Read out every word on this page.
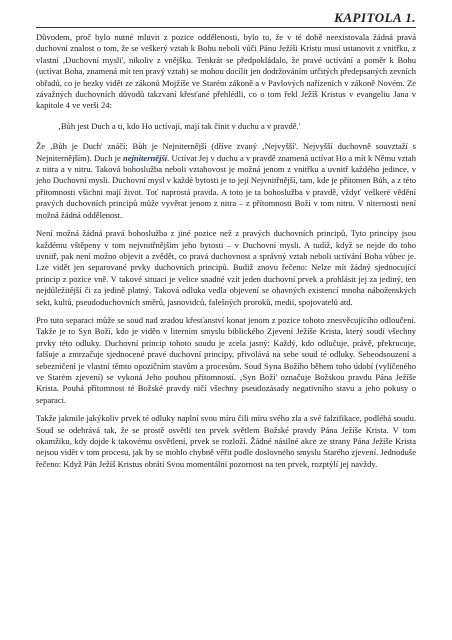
KAPITOLA 1.

Důvodem, proč bylo nutné mluvit z pozice oddělenosti, bylo to, že v té době neexistovala žádná pravá duchovní znalost o tom, že se veškerý vztah k Bohu neboli vůči Pánu Ježíši Kristu musí ustanovit z vnitřku, z vlastní ‚Duchovní mysli', nikoliv z vnějšku. Tenkrát se předpokládalo, že pravé uctívání a poměr k Bohu (uctívat Boha, znamená mít ten pravý vztah) se mohou docílit jen dodržováním určitých předepsaných zevních obřadů, co je hezky vidět ze zákonů Mojžíše ve Starém zákoně a v Pavlových nařízeních v zákoně Novém. Ze závažných duchovních důvodů takzvaní křesťané přehlédli, co o tom řekl Ježíš Kristus v evangeliu Jana v kapitole 4 ve verši 24:

‚Bůh jest Duch a ti, kdo Ho uctívají, mají tak činit v duchu a v pravdě.'

Že ‚Bůh je Duch' znáčí: Bůh je Nejniternější (dříve zvaný ‚Nejvyšší'. Nejvyšší duchovně souvztaží s Nejniternějším). Duch je nejniternější. Uctívat Jej v duchu a v pravdě znamená uctívat Ho a mít k Němu vztah z nitra a v nitru. Taková bohoslužba neboli vztahovost je možná jenom z vnitřku a uvnitř každého jedince, v jeho Duchovní mysli. Duchovní mysl v každé bytosti je to její Nejvnitřnější, tam, kde je přítomen Bůh, a z této přítomnosti všichni mají život. Toť naprostá pravda. A toto je ta bohoslužba v pravdě, vždyť veškeré vědění pravých duchovních principů může vyvěrat jenom z nitra – z přítomnosti Boží v tom nitru. V niternosti není možná žádná oddělenost.

Není možná žádná pravá bohoslužba z jiné pozice než z pravých duchovních principů. Tyto principy jsou každému vštěpeny v tom nejvnitřnějším jeho bytosti – v Duchovní mysli. A tudíž, když se nejde do toho uvnitř, pak není možno objevit a zvědět, co pravá duchovnost a správný vztah neboli uctívání Boha vůbec je. Lze vidět jen separované prvky duchovních principů. Budiž znovu řečeno: Nelze mít žádný sjednocující princip z pozice vně. V takové situaci je velice snadné vzít jeden duchovní prvek a prohlásit jej za jediný, ten nejdůležitější či za jedině platný. Taková odluka vedla objevení se ohavných existencí mnoha náboženských sekt, kultů, pseudoduchovních směrů, jasnovidců, falešných proroků, medií, spojovatelů atd.

Pro tuto separaci může se soud nad zradou křesťanství konat jenom z pozice tohoto znesvěcujícího odloučení. Takže je to Syn Boží, kdo je viděn v literním smyslu biblického Zjevení Ježíše Krista, který soudí všechny prvky této odluky. Duchovní princip tohoto soudu je zcela jasný: Každý, kdo odlučuje, právě, překrucuje, falšuje a zmrzačuje sjednocené pravé duchovní principy, přivolává na sebe soud té odluky. Sebeodsouzení a sebezničení je vlastní těmto opozičním stavům a procesům. Soud Syna Božího během toho údobí (vylíčeného ve Starém zjevení) se vykoná Jeho pouhou přítomností. ‚Syn Boží' označuje Božskou pravdu Pána Ježíše Krista. Pouhá přítomnost té Božské pravdy ničí všechny pseudozásady negativního stavu a jeho pokusy o separaci.

Takže jakmile jakýkoliv prvek té odluky naplní svou míru čili míru svého zla a své falzifikace, podléhá soudu. Soud se odehrává tak, že se prostě osvětlí ten prvek světlem Božské pravdy Pána Ježíše Krista. V tom okamžiku, kdy dojde k takovému osvětlení, prvek se rozloží. Žádné násilné akce ze strany Pána Ježíše Krista nejsou vidět v tom procesu, jak by se mohlo chybně věřit podle doslovného smyslu Starého zjevení. Jednoduše řečeno: Když Pán Ježíš Kristus obrátí Svou momentální pozornost na ten prvek, rozptýlí jej navždy.
